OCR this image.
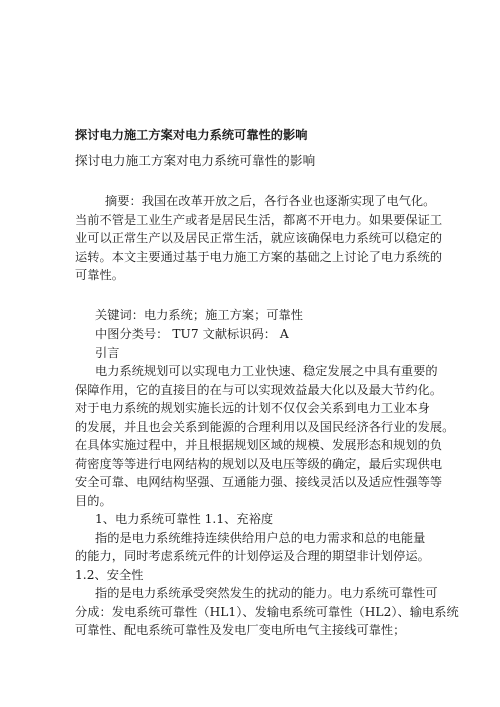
探讨电力施工方案对电力系统可靠性的影响
探讨电力施工方案对电力系统可靠性的影响
摘要：我国在改革开放之后，各行各业也逐渐实现了电气化。
当前不管是工业生产或者是居民生活，都离不开电力。如果要保证工
业可以正常生产以及居民正常生活，就应该确保电力系统可以稳定的
运转。本文主要通过基于电力施工方案的基础之上讨论了电力系统的
可靠性。
关键词：电力系统；施工方案；可靠性
中图分类号： TU7 文献标识码： A
引言
电力系统规划可以实现电力工业快速、稳定发展之中具有重要的
保障作用，它的直接目的在与可以实现效益最大化以及最大节约化。
对于电力系统的规划实施长远的计划不仅仅会关系到电力工业本身
的发展，并且也会关系到能源的合理利用以及国民经济各行业的发展。
在具体实施过程中，并且根据规划区域的规模、发展形态和规划的负
荷密度等等进行电网结构的规划以及电压等级的确定，最后实现供电
安全可靠、电网结构坚强、互通能力强、接线灵活以及适应性强等等
目的。
1、电力系统可靠性 1.1、充裕度
指的是电力系统维持连续供给用户总的电力需求和总的电能量
的能力，同时考虑系统元件的计划停运及合理的期望非计划停运。
1.2、安全性
指的是电力系统承受突然发生的扰动的能力。电力系统可靠性可
分成：发电系统可靠性（HL1）、发输电系统可靠性（HL2）、输电系统
可靠性、配电系统可靠性及发电厂变电所电气主接线可靠性；
